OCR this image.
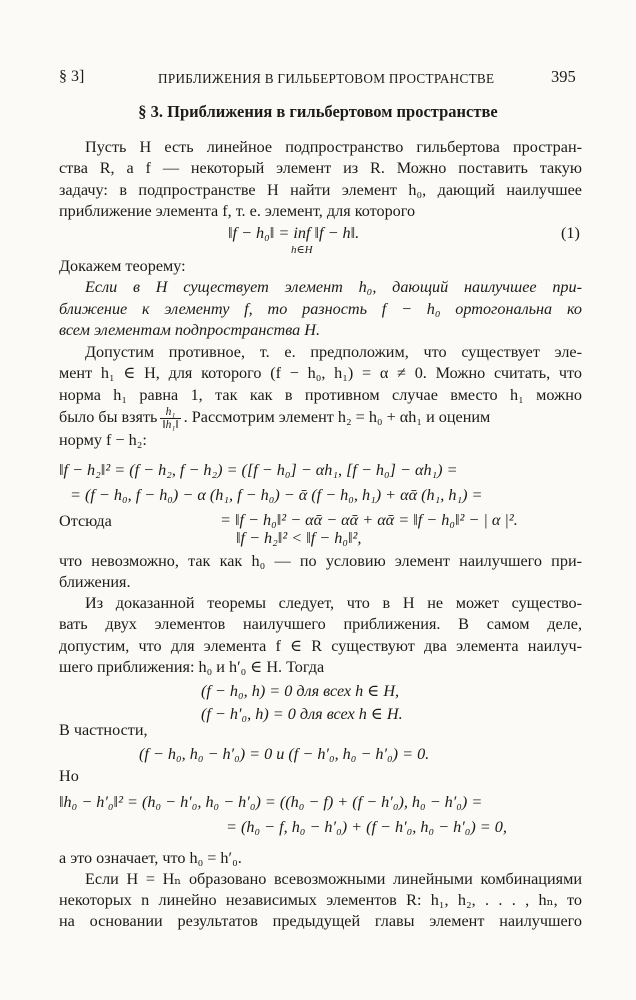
§ 3]	ПРИБЛИЖЕНИЯ В ГИЛЬБЕРТОВОМ ПРОСТРАНСТВЕ	395
§ 3. Приближения в гильбертовом пространстве
Пусть H есть линейное подпространство гильбертова простран-
ства R, а f — некоторый элемент из R. Можно поставить такую
задачу: в подпространстве H найти элемент h₀, дающий наилучшее
приближение элемента f, т. е. элемент, для которого
‖f − h₀‖ = inf ‖f − h‖.
h∈H
(1)
Докажем теорему:
Если в H существует элемент h₀, дающий наилучшее при-
ближение к элементу f, то разность f − h₀ ортогональна ко
всем элементам подпространства H.
Допустим противное, т. е. предположим, что существует эле-
мент h₁ ∈ H, для которого (f − h₀, h₁) = α ≠ 0. Можно считать, что
норма h₁ равна 1, так как в противном случае вместо h₁ можно
было бы взять $\frac{\text{h₁}}{\text{‖h₁‖}}$ . Рассмотрим элемент h₂ = h₀ + αh₁ и оценим
норму f − h₂:
‖f − h₂‖² = (f − h₂, f − h₂) = ([f − h₀] − αh₁, [f − h₀] − αh₁) =
= (f − h₀, f − h₀) − α (h₁, f − h₀) − ᾱ (f − h₀, h₁) + αᾱ (h₁, h₁) =
= ‖f − h₀‖² − αᾱ − αᾱ + αᾱ = ‖f − h₀‖² − | α |².
Отсюда
‖f − h₂‖² < ‖f − h₀‖²,
что невозможно, так как h₀ — по условию элемент наилучшего при-
ближения.
Из доказанной теоремы следует, что в H не может существо-
вать двух элементов наилучшего приближения. В самом деле,
допустим, что для элемента f ∈ R существуют два элемента наилуч-
шего приближения: h₀ и h′₀ ∈ H. Тогда
(f − h₀, h) = 0 для всех h ∈ H,
(f − h′₀, h) = 0 для всех h ∈ H.
В частности,
(f − h₀, h₀ − h′₀) = 0 и (f − h′₀, h₀ − h′₀) = 0.
Но
‖h₀ − h′₀‖² = (h₀ − h′₀, h₀ − h′₀) = ((h₀ − f) + (f − h′₀), h₀ − h′₀) =
= (h₀ − f, h₀ − h′₀) + (f − h′₀, h₀ − h′₀) = 0,
а это означает, что h₀ = h′₀.
Если H = Hₙ образовано всевозможными линейными комбинациями
некоторых n линейно независимых элементов R: h₁, h₂, . . . , hₙ, то
на основании результатов предыдущей главы элемент наилучшего
